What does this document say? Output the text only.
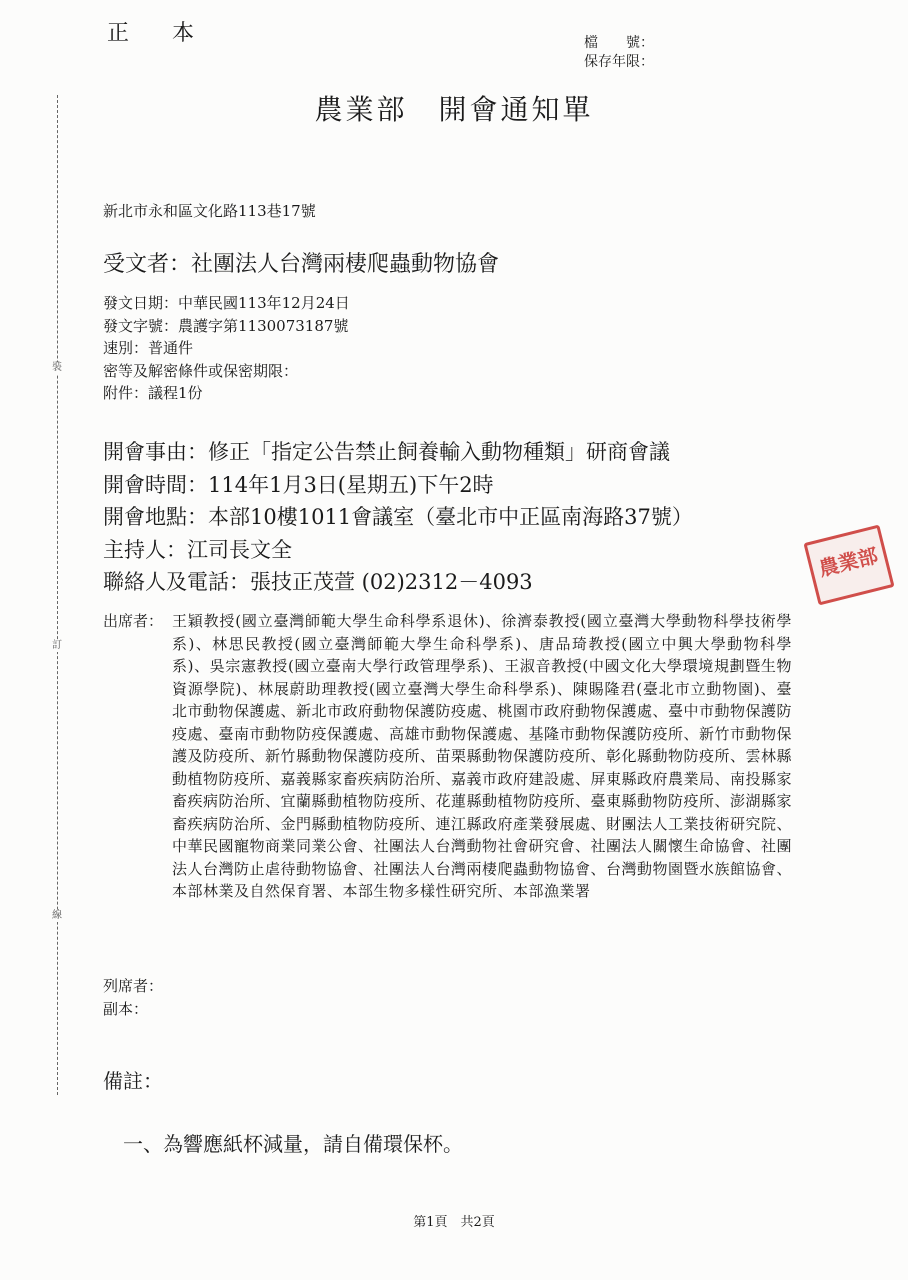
裝
訂
線
正 本	檔　　號：
保存年限：
農業部　開會通知單
新北市永和區文化路113巷17號
受文者：社團法人台灣兩棲爬蟲動物協會
發文日期：中華民國113年12月24日
發文字號：農護字第1130073187號
速別：普通件
密等及解密條件或保密期限：
附件：議程1份
開會事由：修正「指定公告禁止飼養輸入動物種類」研商會議
開會時間：114年1月3日(星期五)下午2時
開會地點：本部10樓1011會議室（臺北市中正區南海路37號）
主持人：江司長文全
聯絡人及電話：張技正茂萱 (02)2312－4093
農業部
出席者： 王穎教授(國立臺灣師範大學生命科學系退休)、徐濟泰教授(國立臺灣大學動物科學技術學系)、林思民教授(國立臺灣師範大學生命科學系)、唐品琦教授(國立中興大學動物科學系)、吳宗憲教授(國立臺南大學行政管理學系)、王淑音教授(中國文化大學環境規劃暨生物資源學院)、林展蔚助理教授(國立臺灣大學生命科學系)、陳賜隆君(臺北市立動物園)、臺北市動物保護處、新北市政府動物保護防疫處、桃園市政府動物保護處、臺中市動物保護防疫處、臺南市動物防疫保護處、高雄市動物保護處、基隆市動物保護防疫所、新竹市動物保護及防疫所、新竹縣動物保護防疫所、苗栗縣動物保護防疫所、彰化縣動物防疫所、雲林縣動植物防疫所、嘉義縣家畜疾病防治所、嘉義市政府建設處、屏東縣政府農業局、南投縣家畜疾病防治所、宜蘭縣動植物防疫所、花蓮縣動植物防疫所、臺東縣動物防疫所、澎湖縣家畜疾病防治所、金門縣動植物防疫所、連江縣政府產業發展處、財團法人工業技術研究院、中華民國寵物商業同業公會、社團法人台灣動物社會研究會、社團法人關懷生命協會、社團法人台灣防止虐待動物協會、社團法人台灣兩棲爬蟲動物協會、台灣動物園暨水族館協會、本部林業及自然保育署、本部生物多樣性研究所、本部漁業署
列席者：
副本：
備註：
一、為響應紙杯減量，請自備環保杯。
第1頁　共2頁
